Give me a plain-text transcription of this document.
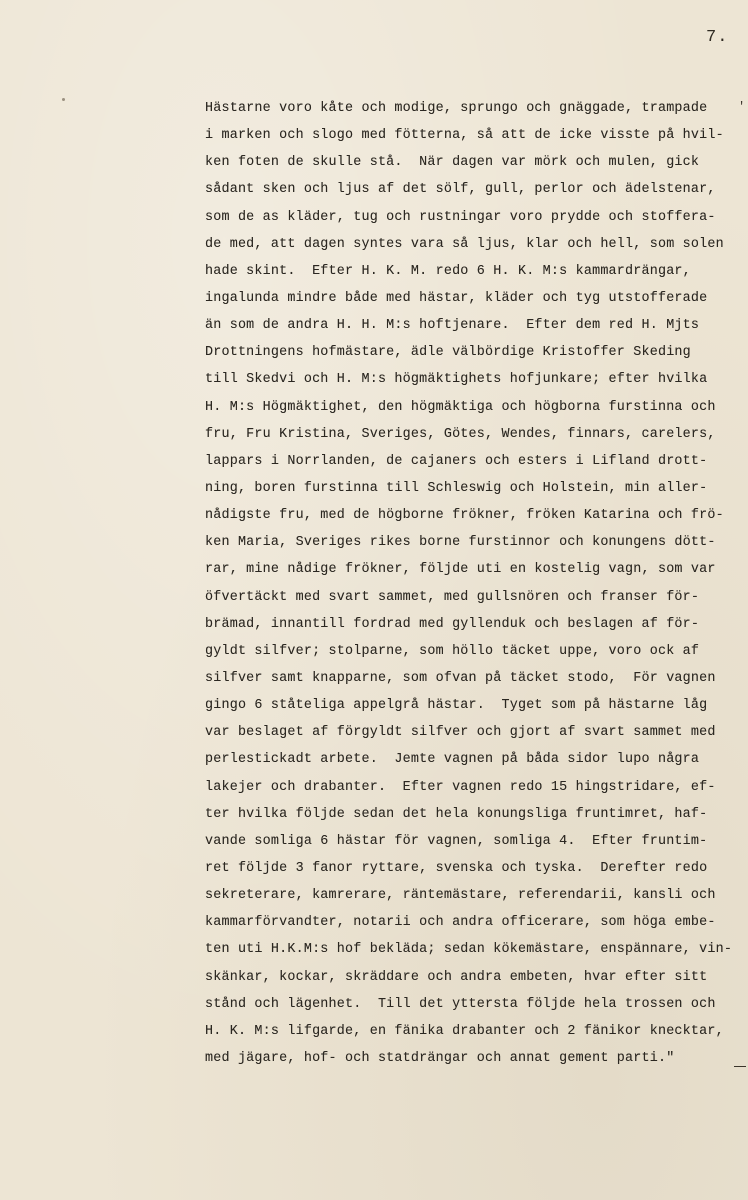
7.
'
Hästarne voro kåte och modige, sprungo och gnäggade, trampade
i marken och slogo med fötterna, så att de icke visste på hvil-
ken foten de skulle stå.  När dagen var mörk och mulen, gick
sådant sken och ljus af det sölf, gull, perlor och ädelstenar,
som de as kläder, tug och rustningar voro prydde och stoffera-
de med, att dagen syntes vara så ljus, klar och hell, som solen
hade skint.  Efter H. K. M. redo 6 H. K. M:s kammardrängar,
ingalunda mindre både med hästar, kläder och tyg utstofferade
än som de andra H. H. M:s hoftjenare.  Efter dem red H. Mjts
Drottningens hofmästare, ädle välbördige Kristoffer Skeding
till Skedvi och H. M:s högmäktighets hofjunkare; efter hvilka
H. M:s Högmäktighet, den högmäktiga och högborna furstinna och
fru, Fru Kristina, Sveriges, Götes, Wendes, finnars, carelers,
lappars i Norrlanden, de cajaners och esters i Lifland drott-
ning, boren furstinna till Schleswig och Holstein, min aller-
nådigste fru, med de högborne frökner, fröken Katarina och frö-
ken Maria, Sveriges rikes borne furstinnor och konungens dött-
rar, mine nådige frökner, följde uti en kostelig vagn, som var
öfvertäckt med svart sammet, med gullsnören och franser för-
brämad, innantill fordrad med gyllenduk och beslagen af för-
gyldt silfver; stolparne, som höllo täcket uppe, voro ock af
silfver samt knapparne, som ofvan på täcket stodo,  För vagnen
gingo 6 ståteliga appelgrå hästar.  Tyget som på hästarne låg
var beslaget af förgyldt silfver och gjort af svart sammet med
perlestickadt arbete.  Jemte vagnen på båda sidor lupo några
lakejer och drabanter.  Efter vagnen redo 15 hingstridare, ef-
ter hvilka följde sedan det hela konungsliga fruntimret, haf-
vande somliga 6 hästar för vagnen, somliga 4.  Efter fruntim-
ret följde 3 fanor ryttare, svenska och tyska.  Derefter redo
sekreterare, kamrerare, räntemästare, referendarii, kansli och
kammarförvandter, notarii och andra officerare, som höga embe-
ten uti H.K.M:s hof beklädа; sedan kökemästare, enspännare, vin-
skänkar, kockar, skräddare och andra embeten, hvar efter sitt
stånd och lägenhet.  Till det yttersta följde hela trossen och
H. K. M:s lifgarde, en fänika drabanter och 2 fänikor knecktar,
med jägare, hof- och statdrängar och annat gement parti."
